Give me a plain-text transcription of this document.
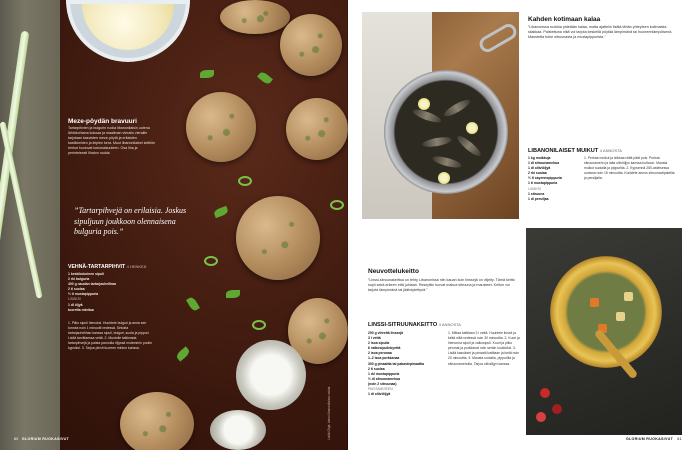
Meze-pöydän bravuuri
Tartarpihvien ja bulgurin ruoka libanonilaisin uutena lähtökohtana kokoaa ja maailman vierailu vieraille tarjotaan kasvisten meze-pöytä ja erilaisten kastikkeiden ja leipien kera. Muut libanonilaiset keittiön herkut kuuluvat kokonaisuuteen. Osa liha ja perinteisesti lihaton ruokia.
”Tartarpihvejä on erilaisia. Joskus sipuljuun joukkoon olennaisena bulguria pois.”
VEHNÄ-TARTARPIHVIT 4 HENKEÄ
1 keskikokoinen sipuli
2 rkl bulguria
400 g naudan tartarjauhelihaa
2 tl suolaa
½ tl mustapippuria
LISÄKSI
1 dl öljyä
tuoretta minttua
1. Pilko sipuli hienoksi. Huuhtele bulguri ja anna sen turvota noin 1 minuutti vedessä. Sekoita tartarjauhelihan kanssa sipuli, bulguri, suola ja pippuri. Lisää tarvittaessa vettä. 2. Muotoile taikinasta tartarpihvejä ja paista pannulla öljyssä molemmin puolin kypsiksi. 3. Tarjoa pihvit tuoreen mintun kanssa.
80 GLORIUM RUOKASIVUT	Lisää Ohja: katso libanonilaisia ruokia.
Kahden kotimaan kalaa
”Libanonissa ruokkia pidetään kalaa, mutta ajattelin lisätä tähän yhteyteen kotimaista silakkaa. Paistettuna niitä voi tarjota keskellä pöytää lämpimänä tai huoneenlämpöisenä. Maustetta tulee sitruunasta ja mustapippurista.”
LIBANONILAISET MUIKUT 4 ANNOSTA
1 kg muikkuja
1 dl sitruunamehua
1 dl oliiviöljyä
2 rkl suolaa
½ tl cayennepippuria
1 tl mustapippuria
LISÄKSI
1 sitruuna
1 dl persiljaa
1. Perkaa muikut ja leikkaa niiltä päät pois. Purista sitruunamehu ja laita oliiviöljyn kanssa kulhoon. Mausta muikut suolalla ja pippurilla. 2. Kypsennä 250-asteisessa uunissa noin 15 minuuttia. Koristele annos sitruunaviipaleilla ja persiljalla.
Neuvottelukeitto
”Linssi-sitruunakeittoa on tehty Libanonissa niin kauan kuin linssejä on viljelty. Tämä keitto sopii sekä arkeen että juhlaan. Reseptiin tuovat makua sitruuna ja mausteet. Keiton voi tarjota lämpimänä tai jäähdytettynä.”
LINSSI-SITRUUNAKEITTO 4 ANNOSTA
200 g vihreitä linssejä
3 l vettä
2 isoa sipulia
6 valkosipulinkynttä
2 isoa perunaa
1–2 isoa porkkanaa
300 g pinaattia tai pakastepinaattia
2 tl suolaa
1 rkl mustapippuria
½ dl sitruunamehua
(noin 2 sitruunaa)
PAISTAMISEEN
1 dl oliiviöljyä
1. Mittaa kattilaan 3 l vettä. Huuhtele linssit ja keitä niitä vedessä noin 30 minuuttia. 2. Kuori ja hienonna sipuli ja valkosipuli. Kuori ja pilko perunat ja porkkanat noin sentin kuutioiksi. 3. Lisää kasvikset ja pinaatti kattilaan ja keitä noin 20 minuuttia. 4. Mausta suolalla, pippurilla ja sitruunamehulla. Tarjoa oliiviöljyn kanssa.
GLORIUM RUOKASIVUT 81
